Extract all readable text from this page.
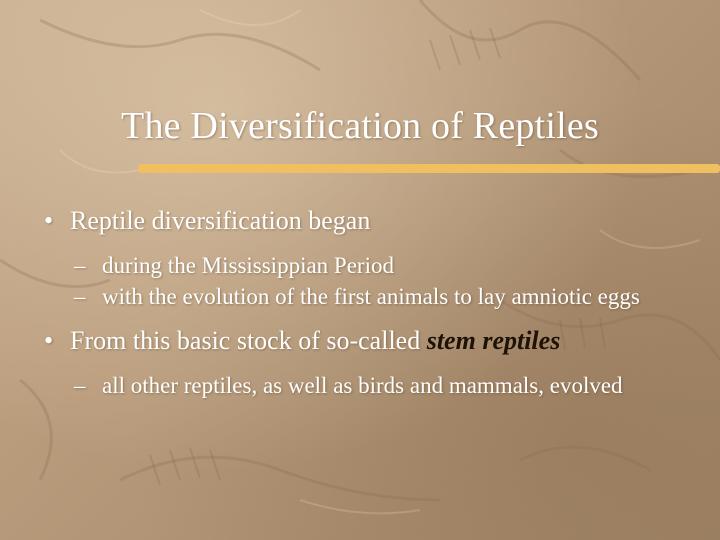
The Diversification of Reptiles
• Reptile diversification began
– during the Mississippian Period
– with the evolution of the first animals to lay amniotic eggs
• From this basic stock of so-called stem reptiles
– all other reptiles, as well as birds and mammals, evolved
